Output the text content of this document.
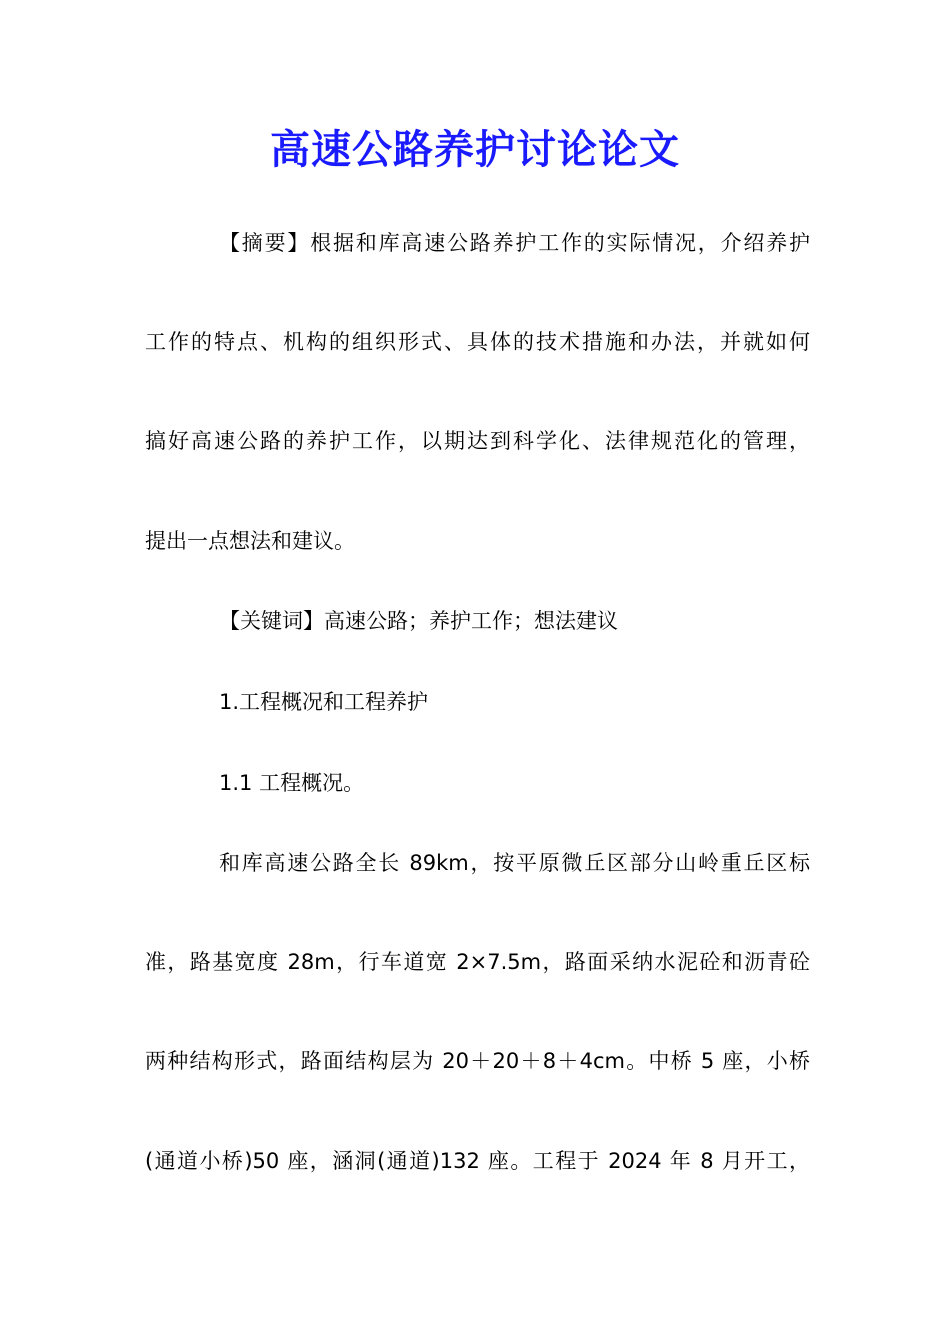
高速公路养护讨论论文
【摘要】根据和库高速公路养护工作的实际情况，介绍养护
工作的特点、机构的组织形式、具体的技术措施和办法，并就如何
搞好高速公路的养护工作，以期达到科学化、法律规范化的管理，
提出一点想法和建议。
【关键词】高速公路；养护工作；想法建议
1.工程概况和工程养护
1.1 工程概况。
和库高速公路全长 89km，按平原微丘区部分山岭重丘区标
准，路基宽度 28m，行车道宽 2×7.5m，路面采纳水泥砼和沥青砼
两种结构形式，路面结构层为 20＋20＋8＋4cm。中桥 5 座，小桥
(通道小桥)50 座，涵洞(通道)132 座。工程于 2024 年 8 月开工，
